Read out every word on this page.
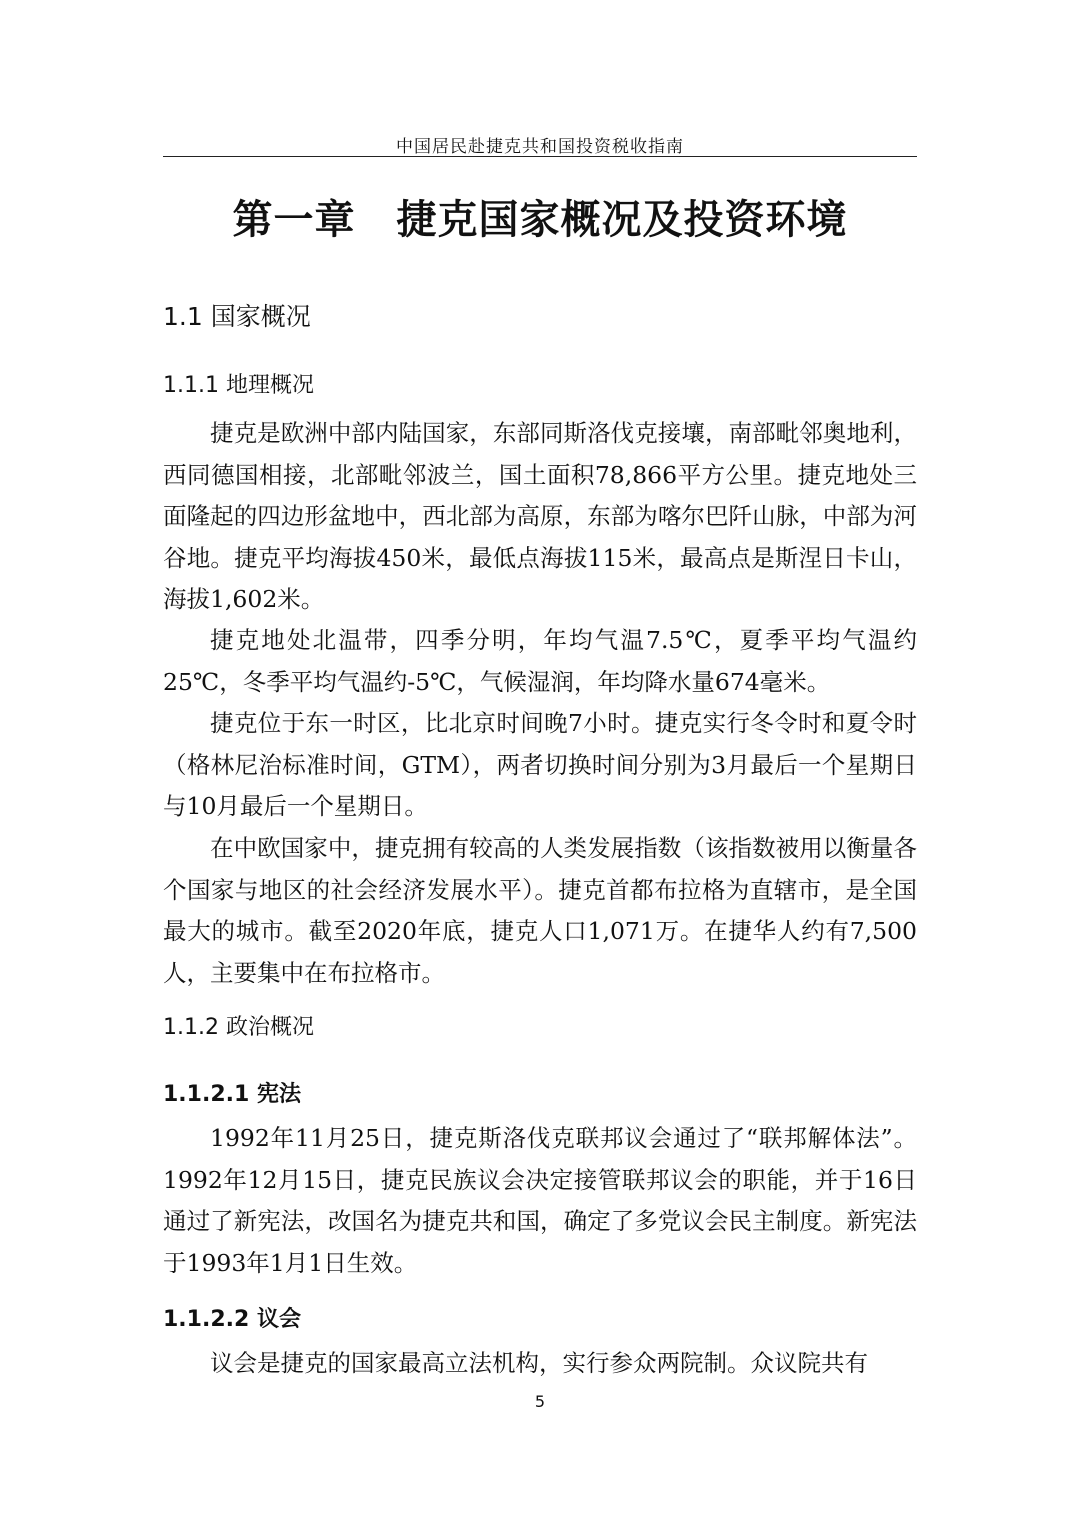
中国居民赴捷克共和国投资税收指南
第一章　捷克国家概况及投资环境
1.1 国家概况
1.1.1 地理概况

捷克是欧洲中部内陆国家，东部同斯洛伐克接壤，南部毗邻奥地利，西同德国相接，北部毗邻波兰，国土面积78,866平方公里。捷克地处三面隆起的四边形盆地中，西北部为高原，东部为喀尔巴阡山脉，中部为河谷地。捷克平均海拔450米，最低点海拔115米，最高点是斯涅日卡山，海拔1,602米。

捷克地处北温带，四季分明，年均气温7.5℃，夏季平均气温约25℃，冬季平均气温约-5℃，气候湿润，年均降水量674毫米。

捷克位于东一时区，比北京时间晚7小时。捷克实行冬令时和夏令时（格林尼治标准时间，GTM），两者切换时间分别为3月最后一个星期日与10月最后一个星期日。

在中欧国家中，捷克拥有较高的人类发展指数（该指数被用以衡量各个国家与地区的社会经济发展水平）。捷克首都布拉格为直辖市，是全国最大的城市。截至2020年底，捷克人口1,071万。在捷华人约有7,500人，主要集中在布拉格市。

1.1.2 政治概况
1.1.2.1 宪法

1992年11月25日，捷克斯洛伐克联邦议会通过了“联邦解体法”。1992年12月15日，捷克民族议会决定接管联邦议会的职能，并于16日通过了新宪法，改国名为捷克共和国，确定了多党议会民主制度。新宪法于1993年1月1日生效。

1.1.2.2 议会

议会是捷克的国家最高立法机构，实行参众两院制。众议院共有

5
